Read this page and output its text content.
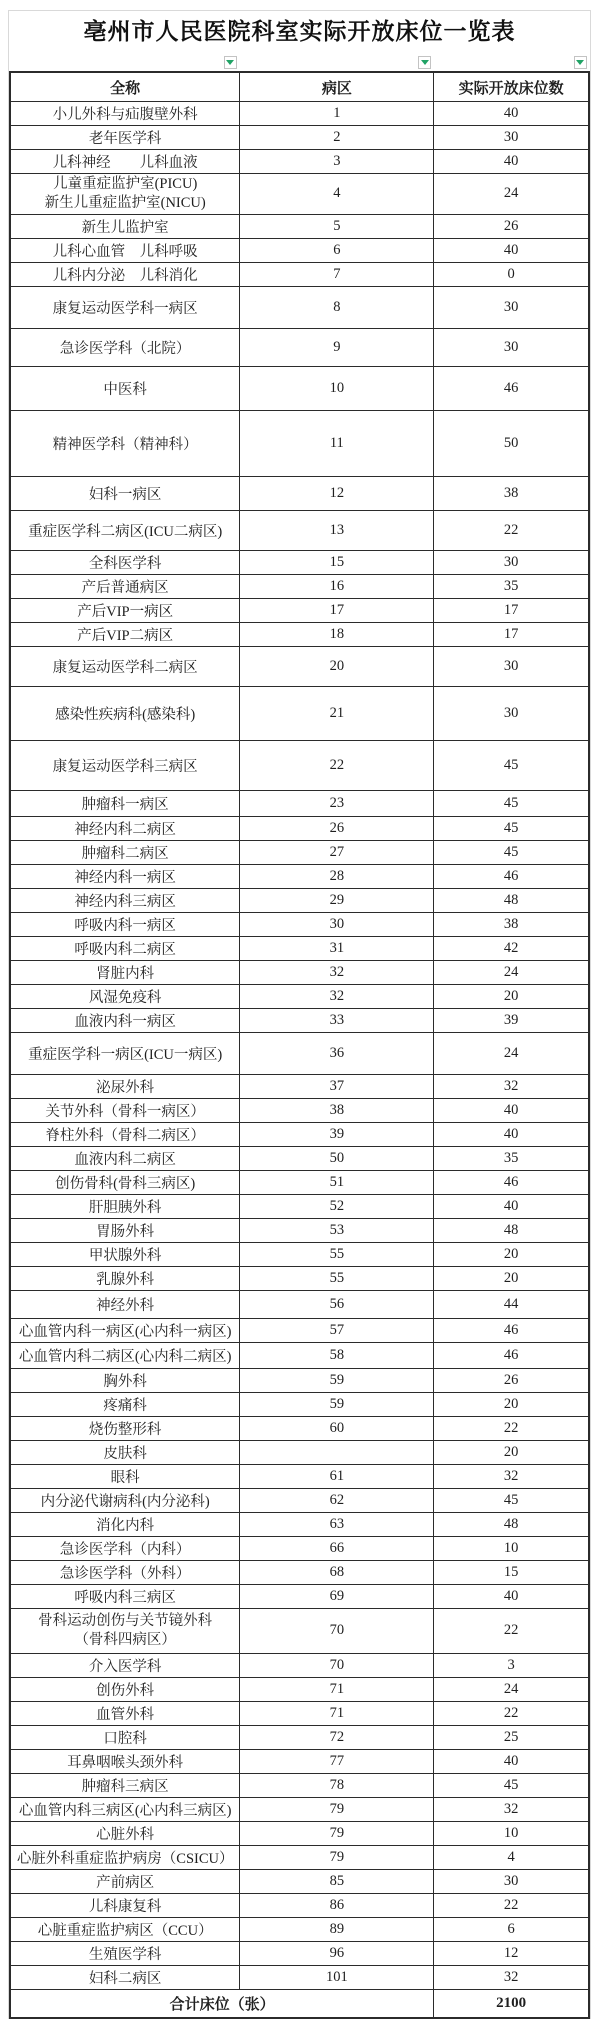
亳州市人民医院科室实际开放床位一览表
全称	病区	实际开放床位数
小儿外科与疝腹壁外科	1	40
老年医学科	2	30
儿科神经　　儿科血液	3	40

儿童重症监护室(PICU)
新生儿重症监护室(NICU)	4	24
新生儿监护室	5	26
儿科心血管　儿科呼吸	6	40
儿科内分泌　儿科消化	7	0
康复运动医学科一病区	8	30
急诊医学科（北院）	9	30
中医科	10	46
精神医学科（精神科）	11	50
妇科一病区	12	38
重症医学科二病区(ICU二病区)	13	22
全科医学科	15	30
产后普通病区	16	35
产后VIP一病区	17	17
产后VIP二病区	18	17
康复运动医学科二病区	20	30
感染性疾病科(感染科)	21	30
康复运动医学科三病区	22	45
肿瘤科一病区	23	45
神经内科二病区	26	45
肿瘤科二病区	27	45
神经内科一病区	28	46
神经内科三病区	29	48
呼吸内科一病区	30	38
呼吸内科二病区	31	42
肾脏内科	32	24
风湿免疫科	32	20
血液内科一病区	33	39
重症医学科一病区(ICU一病区)	36	24
泌尿外科	37	32
关节外科（骨科一病区）	38	40
脊柱外科（骨科二病区）	39	40
血液内科二病区	50	35
创伤骨科(骨科三病区)	51	46
肝胆胰外科	52	40
胃肠外科	53	48
甲状腺外科	55	20
乳腺外科	55	20
神经外科	56	44
心血管内科一病区(心内科一病区)	57	46
心血管内科二病区(心内科二病区)	58	46
胸外科	59	26
疼痛科	59	20
烧伤整形科	60	22
皮肤科		20
眼科	61	32
内分泌代谢病科(内分泌科)	62	45
消化内科	63	48
急诊医学科（内科）	66	10
急诊医学科（外科）	68	15
呼吸内科三病区	69	40

骨科运动创伤与关节镜外科
（骨科四病区）	70	22
介入医学科	70	3
创伤外科	71	24
血管外科	71	22
口腔科	72	25
耳鼻咽喉头颈外科	77	40
肿瘤科三病区	78	45
心血管内科三病区(心内科三病区)	79	32
心脏外科	79	10
心脏外科重症监护病房（CSICU）	79	4
产前病区	85	30
儿科康复科	86	22
心脏重症监护病区（CCU）	89	6
生殖医学科	96	12
妇科二病区	101	32
合计床位（张）		2100
